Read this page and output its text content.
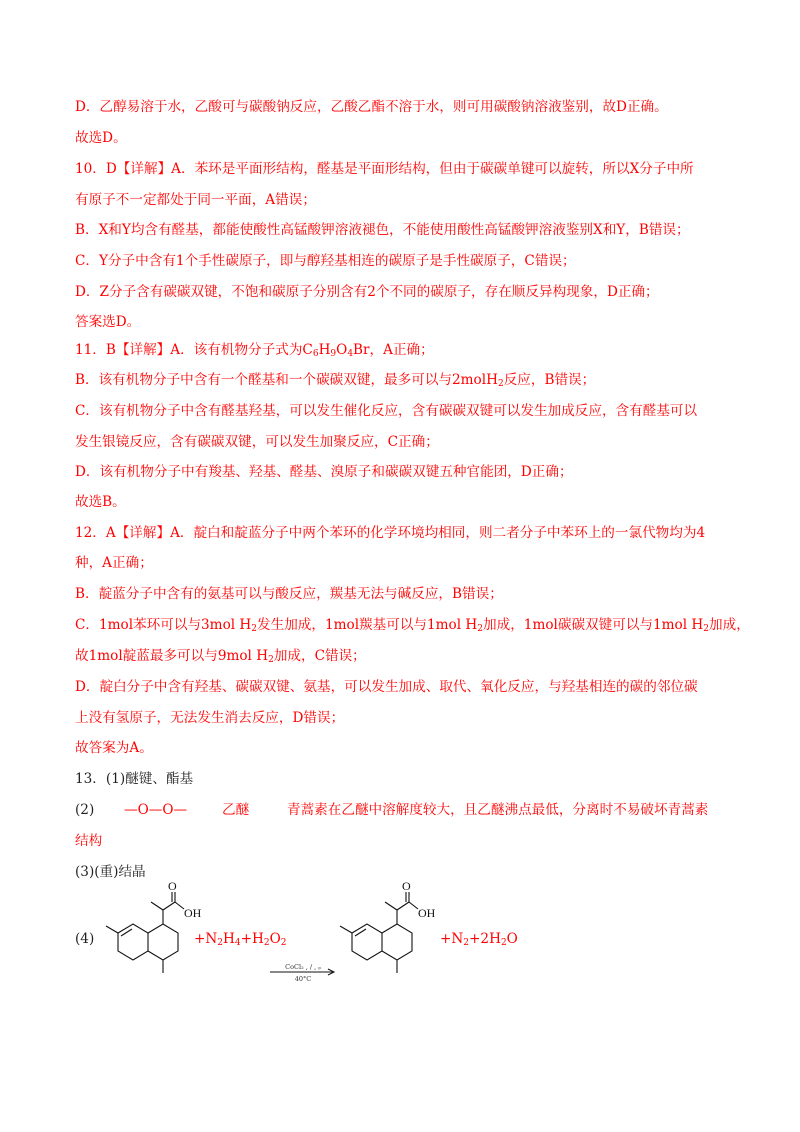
D．乙醇易溶于水，乙酸可与碳酸钠反应，乙酸乙酯不溶于水，则可用碳酸钠溶液鉴别，故D正确。
故选D。
10．D【详解】A．苯环是平面形结构，醛基是平面形结构，但由于碳碳单键可以旋转，所以X分子中所
有原子不一定都处于同一平面，A错误；
B．X和Y均含有醛基，都能使酸性高锰酸钾溶液褪色，不能使用酸性高锰酸钾溶液鉴别X和Y，B错误；
C．Y分子中含有1个手性碳原子，即与醇羟基相连的碳原子是手性碳原子，C错误；
D．Z分子含有碳碳双键，不饱和碳原子分别含有2个不同的碳原子，存在顺反异构现象，D正确；
答案选D。
11．B【详解】A．该有机物分子式为$C_6H_9O_4Br$，A正确；
B．该有机物分子中含有一个醛基和一个碳碳双键，最多可以与2molH$_2$反应，B错误；
C．该有机物分子中含有醛基羟基，可以发生催化反应，含有碳碳双键可以发生加成反应，含有醛基可以
发生银镜反应，含有碳碳双键，可以发生加聚反应，C正确；
D．该有机物分子中有羧基、羟基、醛基、溴原子和碳碳双键五种官能团，D正确；
故选B。
12．A【详解】A．靛白和靛蓝分子中两个苯环的化学环境均相同，则二者分子中苯环上的一氯代物均为4
种，A正确；
B．靛蓝分子中含有的氨基可以与酸反应，羰基无法与碱反应，B错误；
C．1mol苯环可以与3mol $H_2$发生加成，1mol羰基可以与1mol $H_2$加成，1mol碳碳双键可以与1mol $H_2$加成，
故1mol靛蓝最多可以与9mol $H_2$加成，C错误；
D．靛白分子中含有羟基、碳碳双键、氨基，可以发生加成、取代、氧化反应，与羟基相连的碳的邻位碳
上没有氢原子，无法发生消去反应，D错误；
故答案为A。
13．(1)醚键、酯基
(2) —O—O—	乙醚	青蒿素在乙醚中溶解度较大，且乙醚沸点最低，分离时不易破坏青蒿素
结构
(3)(重)结晶
(4)
O
OH
$+N_2H_4+H_2O_2$
CoCl₂ , ∕ , ₚ
40°C
O
OH
$+N_2+2H_2O$
